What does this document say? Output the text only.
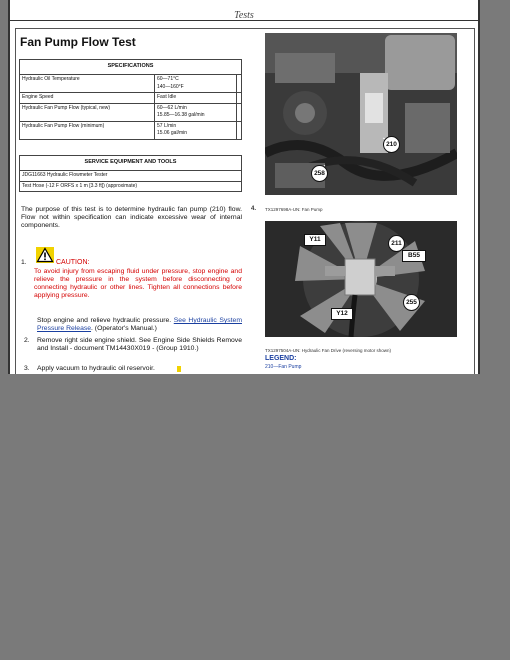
Tests
Fan Pump Flow Test
SPECIFICATIONS		
Hydraulic Oil Temperature	60—71°C
140—160°F	
Engine Speed	Fast Idle	
Hydraulic Fan Pump Flow (typical, new)	60—62 L/min
15.85—16.38 gal/min	
Hydraulic Fan Pump Flow (minimum)	57 L/min
15.06 gal/min	
SERVICE EQUIPMENT AND TOOLS
JDG11663 Hydraulic Flowmeter Tester
Test Hose (-12 F ORFS x 1 m [3.3 ft]) (approximate)
The purpose of this test is to determine hydraulic fan pump (210) flow. Flow not within specification can indicate excessive wear of internal components.
1.	CAUTION:
To avoid injury from escaping fluid under pressure, stop engine and relieve the pressure in the system before disconnecting or connecting hydraulic or other lines. Tighten all connections before applying pressure.
Stop engine and relieve hydraulic pressure. See Hydraulic System Pressure Release. (Operator's Manual.)
2. Remove right side engine shield. See Engine Side Shields Remove and Install - document TM14430X019 - (Group 1910.)
3. Apply vacuum to hydraulic oil reservoir.
210
258
4. TX1297698A-UN: Fan Pump
Y11
211
B55
255
Y12
TX1297504A-UN: Hydraulic Fan Drive (reversing motor shown)
LEGEND:
210—Fan Pump
